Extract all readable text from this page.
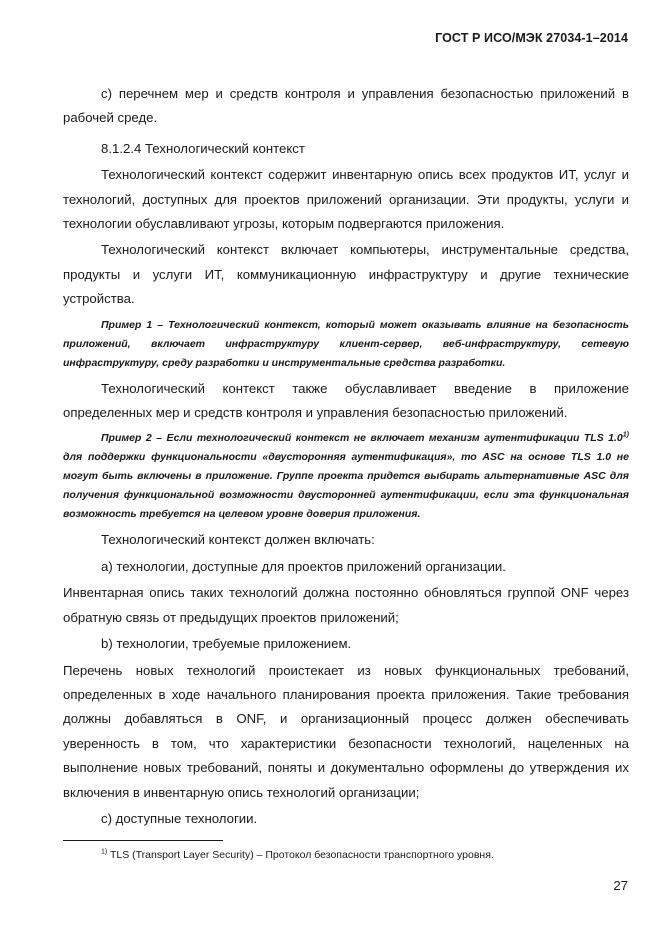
ГОСТ Р ИСО/МЭК 27034-1–2014

c) перечнем мер и средств контроля и управления безопасностью приложений в рабочей среде.

8.1.2.4 Технологический контекст

Технологический контекст содержит инвентарную опись всех продуктов ИТ, услуг и технологий, доступных для проектов приложений организации. Эти продукты, услуги и технологии обуславливают угрозы, которым подвергаются приложения.

Технологический контекст включает компьютеры, инструментальные средства, продукты и услуги ИТ, коммуникационную инфраструктуру и другие технические устройства.

Пример 1 – Технологический контекст, который может оказывать влияние на безопасность приложений, включает инфраструктуру клиент-сервер, веб-инфраструктуру, сетевую инфраструктуру, среду разработки и инструментальные средства разработки.

Технологический контекст также обуславливает введение в приложение определенных мер и средств контроля и управления безопасностью приложений.

Пример 2 – Если технологический контекст не включает механизм аутентификации TLS 1.0$^{1)}$ для поддержки функциональности «двусторонняя аутентификация», то ASC на основе TLS 1.0 не могут быть включены в приложение. Группе проекта придется выбирать альтернативные ASC для получения функциональной возможности двусторонней аутентификации, если эта функциональная возможность требуется на целевом уровне доверия приложения.

Технологический контекст должен включать:

a) технологии, доступные для проектов приложений организации.

Инвентарная опись таких технологий должна постоянно обновляться группой ONF через обратную связь от предыдущих проектов приложений;

b) технологии, требуемые приложением.

Перечень новых технологий проистекает из новых функциональных требований, определенных в ходе начального планирования проекта приложения. Такие требования должны добавляться в ONF, и организационный процесс должен обеспечивать уверенность в том, что характеристики безопасности технологий, нацеленных на выполнение новых требований, поняты и документально оформлены до утверждения их включения в инвентарную опись технологий организации;

c) доступные технологии.

$^{1)}$ TLS (Transport Layer Security) – Протокол безопасности транспортного уровня.
27
